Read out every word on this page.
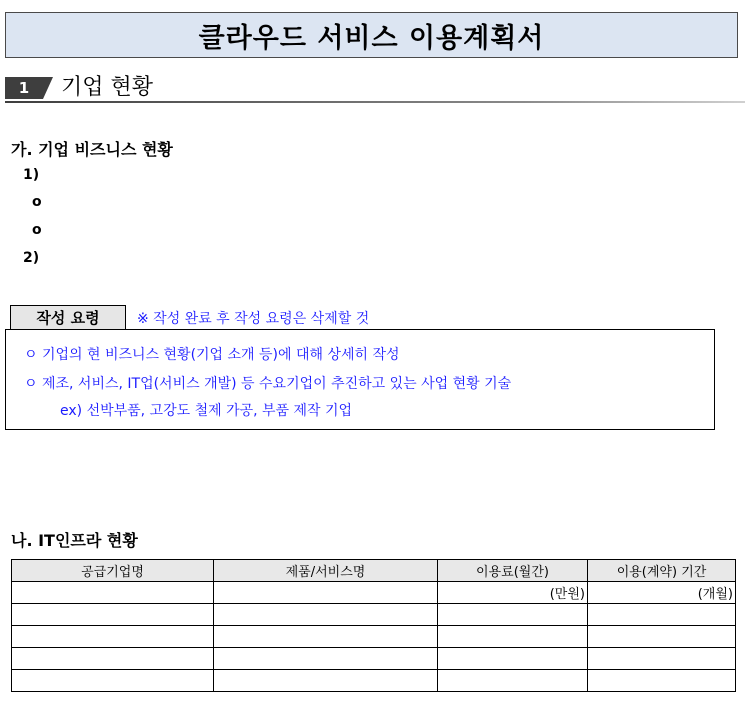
클라우드 서비스 이용계획서
1	기업 현황
가. 기업 비즈니스 현황
1)
o
o
2)
작성 요령	※ 작성 완료 후 작성 요령은 삭제할 것
ㅇ 기업의 현 비즈니스 현황(기업 소개 등)에 대해 상세히 작성
ㅇ 제조, 서비스, IT업(서비스 개발) 등 수요기업이 추진하고 있는 사업 현황 기술
ex) 선박부품, 고강도 철제 가공, 부품 제작 기업
나. IT인프라 현황
공급기업명	제품/서비스명	이용료(월간)	이용(계약) 기간
		(만원)	(개월)
